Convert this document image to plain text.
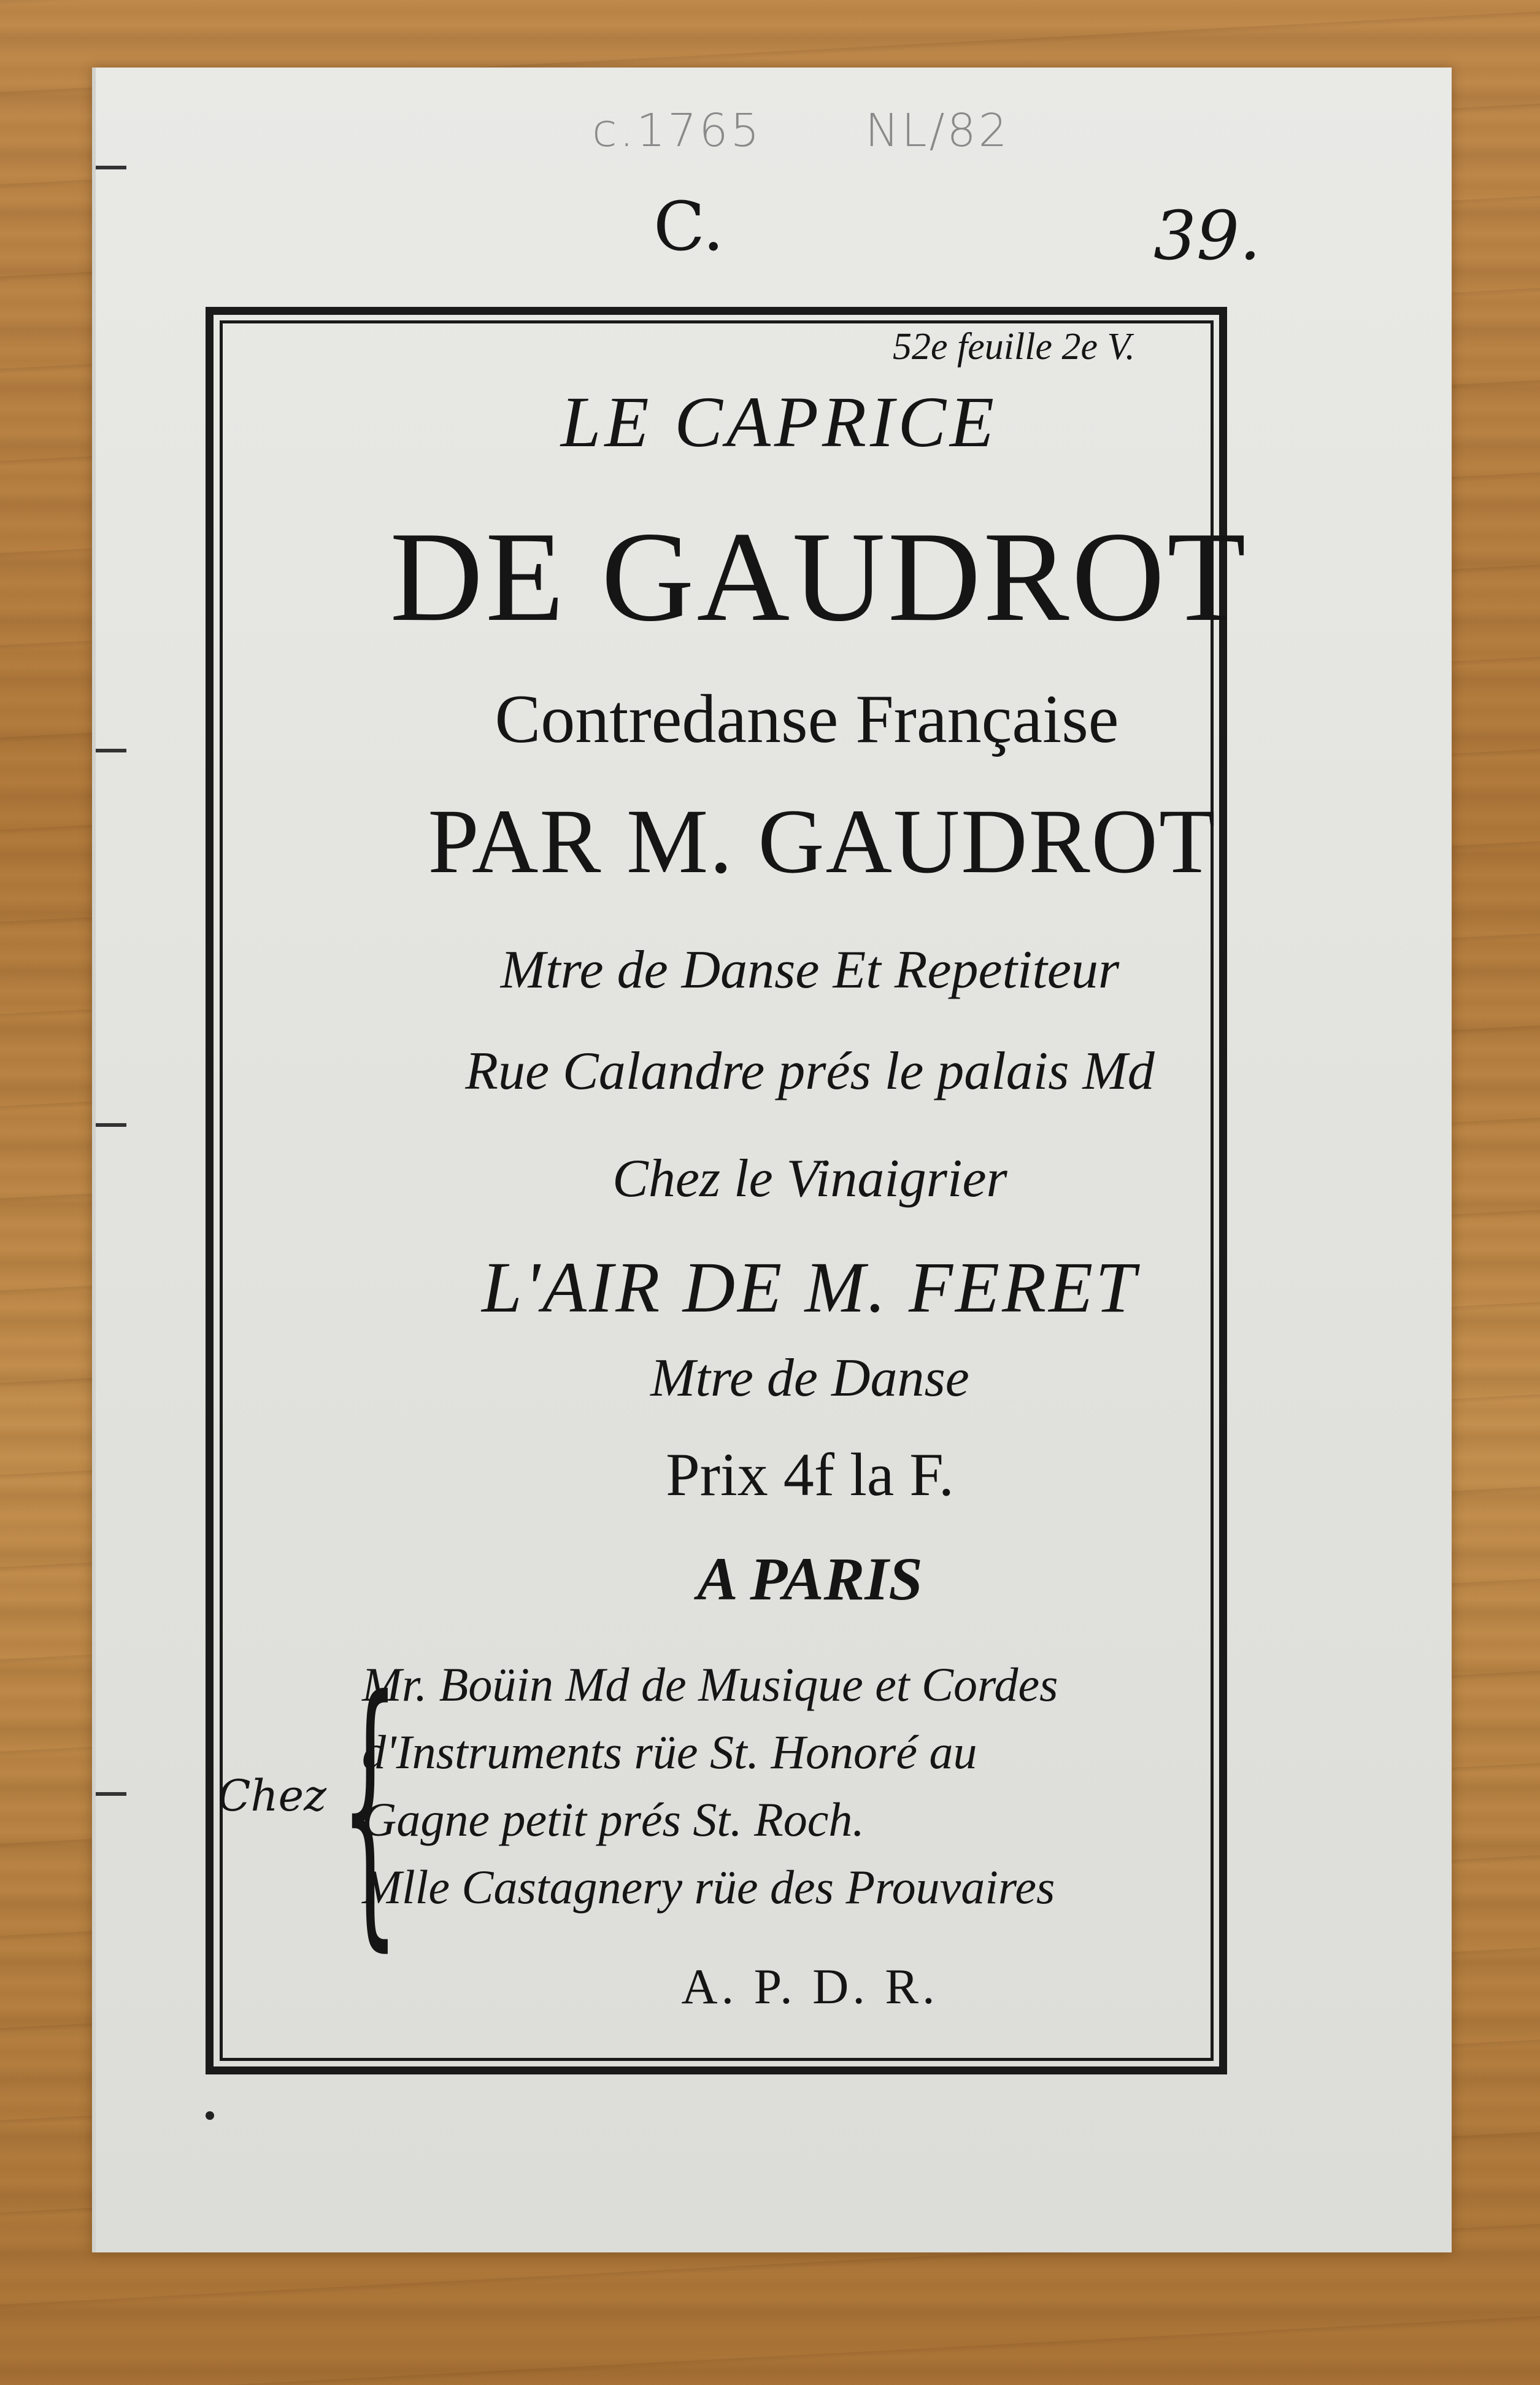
c.1765 NL/82
C.	39.
52e feuille 2e V.
LE CAPRICE
DE GAUDROT
Contredanse Française
PAR M. GAUDROT
Mtre de Danse Et Repetiteur
Rue Calandre prés le palais Md
Chez le Vinaigrier
L'AIR DE M. FERET
Mtre de Danse
Prix 4f la F.
A PARIS
{
Chez
Mr. Boüin Md de Musique et Cordes
d'Instruments rüe St. Honoré au
Gagne petit prés St. Roch.
Mlle Castagnery rüe des Prouvaires
A. P. D. R.
